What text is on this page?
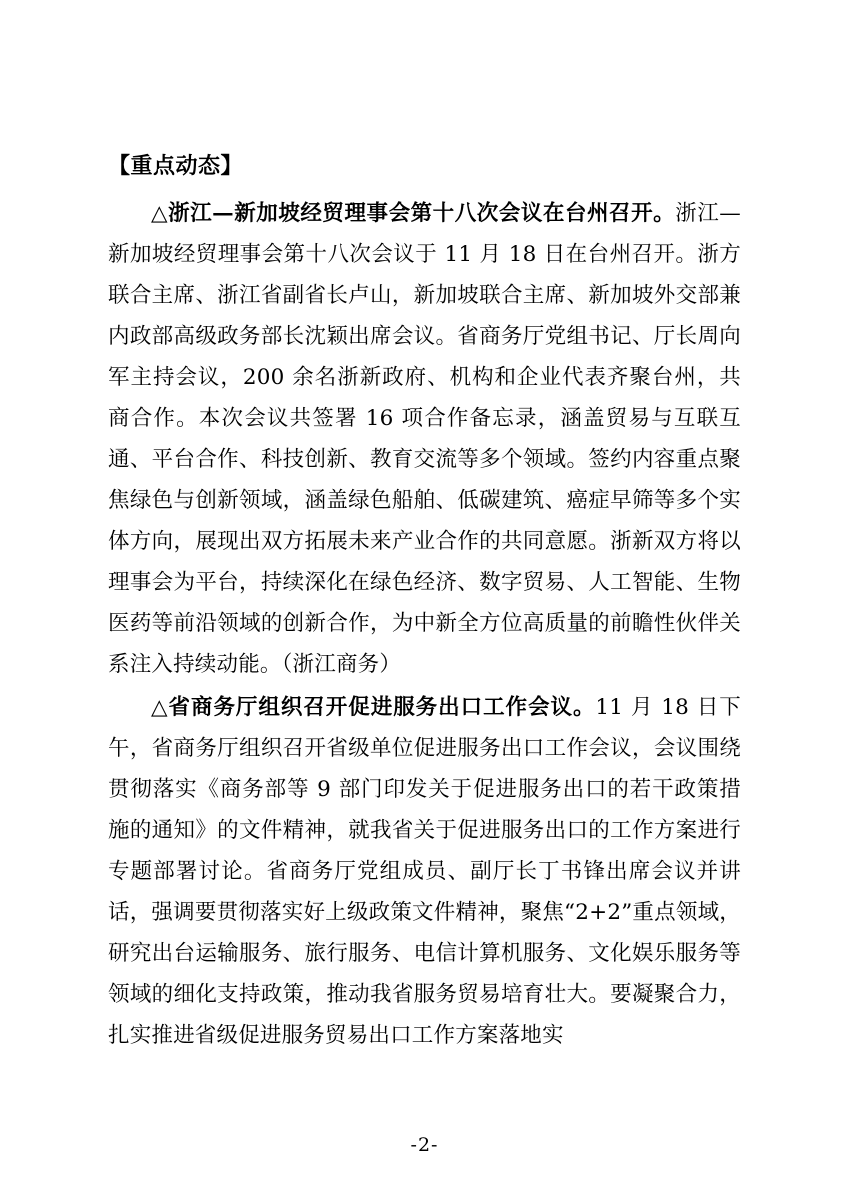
【重点动态】

△浙江—新加坡经贸理事会第十八次会议在台州召开。浙江—新加坡经贸理事会第十八次会议于 11 月 18 日在台州召开。浙方联合主席、浙江省副省长卢山，新加坡联合主席、新加坡外交部兼内政部高级政务部长沈颖出席会议。省商务厅党组书记、厅长周向军主持会议，200 余名浙新政府、机构和企业代表齐聚台州，共商合作。本次会议共签署 16 项合作备忘录，涵盖贸易与互联互通、平台合作、科技创新、教育交流等多个领域。签约内容重点聚焦绿色与创新领域，涵盖绿色船舶、低碳建筑、癌症早筛等多个实体方向，展现出双方拓展未来产业合作的共同意愿。浙新双方将以理事会为平台，持续深化在绿色经济、数字贸易、人工智能、生物医药等前沿领域的创新合作，为中新全方位高质量的前瞻性伙伴关系注入持续动能。（浙江商务）

△省商务厅组织召开促进服务出口工作会议。11 月 18 日下午，省商务厅组织召开省级单位促进服务出口工作会议，会议围绕贯彻落实《商务部等 9 部门印发关于促进服务出口的若干政策措施的通知》的文件精神，就我省关于促进服务出口的工作方案进行专题部署讨论。省商务厅党组成员、副厅长丁书锋出席会议并讲话，强调要贯彻落实好上级政策文件精神，聚焦“2+2”重点领域，研究出台运输服务、旅行服务、电信计算机服务、文化娱乐服务等领域的细化支持政策，推动我省服务贸易培育壮大。要凝聚合力，扎实推进省级促进服务贸易出口工作方案落地实

-2-
